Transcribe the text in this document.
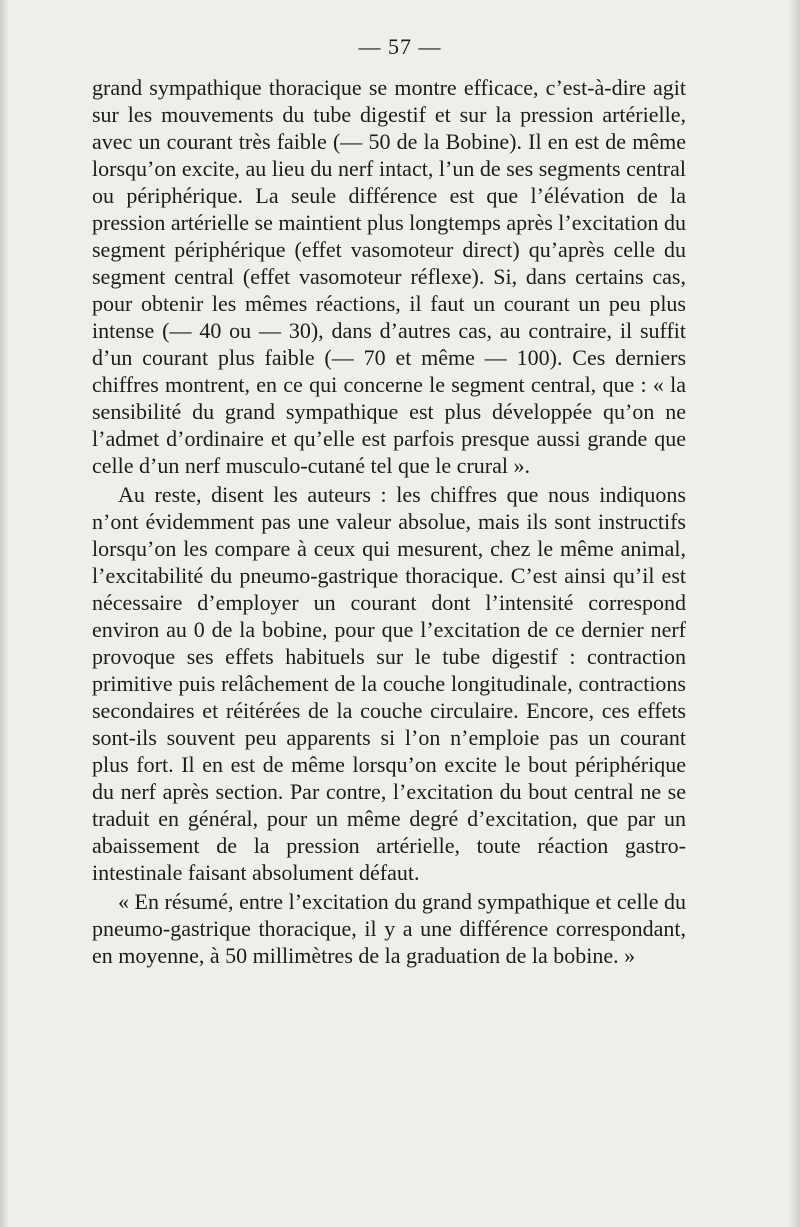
— 57 —

grand sympathique thoracique se montre efficace, c’est-à-dire agit sur les mouvements du tube digestif et sur la pression artérielle, avec un courant très faible (— 50 de la Bobine). Il en est de même lorsqu’on excite, au lieu du nerf intact, l’un de ses segments central ou périphérique. La seule différence est que l’élévation de la pression artérielle se maintient plus longtemps après l’excitation du segment périphérique (effet vasomoteur direct) qu’après celle du segment central (effet vasomoteur réflexe). Si, dans certains cas, pour obtenir les mêmes réactions, il faut un courant un peu plus intense (— 40 ou — 30), dans d’autres cas, au contraire, il suffit d’un courant plus faible (— 70 et même — 100). Ces derniers chiffres montrent, en ce qui concerne le segment central, que : « la sensibilité du grand sympathique est plus développée qu’on ne l’admet d’ordinaire et qu’elle est parfois presque aussi grande que celle d’un nerf musculo-cutané tel que le crural ».

Au reste, disent les auteurs : les chiffres que nous indiquons n’ont évidemment pas une valeur absolue, mais ils sont instructifs lorsqu’on les compare à ceux qui mesurent, chez le même animal, l’excitabilité du pneumo-gastrique thoracique. C’est ainsi qu’il est nécessaire d’employer un courant dont l’intensité correspond environ au 0 de la bobine, pour que l’excitation de ce dernier nerf provoque ses effets habituels sur le tube digestif : contraction primitive puis relâchement de la couche longitudinale, contractions secondaires et réitérées de la couche circulaire. Encore, ces effets sont-ils souvent peu apparents si l’on n’emploie pas un courant plus fort. Il en est de même lorsqu’on excite le bout périphérique du nerf après section. Par contre, l’excitation du bout central ne se traduit en général, pour un même degré d’excitation, que par un abaissement de la pression artérielle, toute réaction gastro-intestinale faisant absolument défaut.

« En résumé, entre l’excitation du grand sympathique et celle du pneumo-gastrique thoracique, il y a une différence correspondant, en moyenne, à 50 millimètres de la graduation de la bobine. »
